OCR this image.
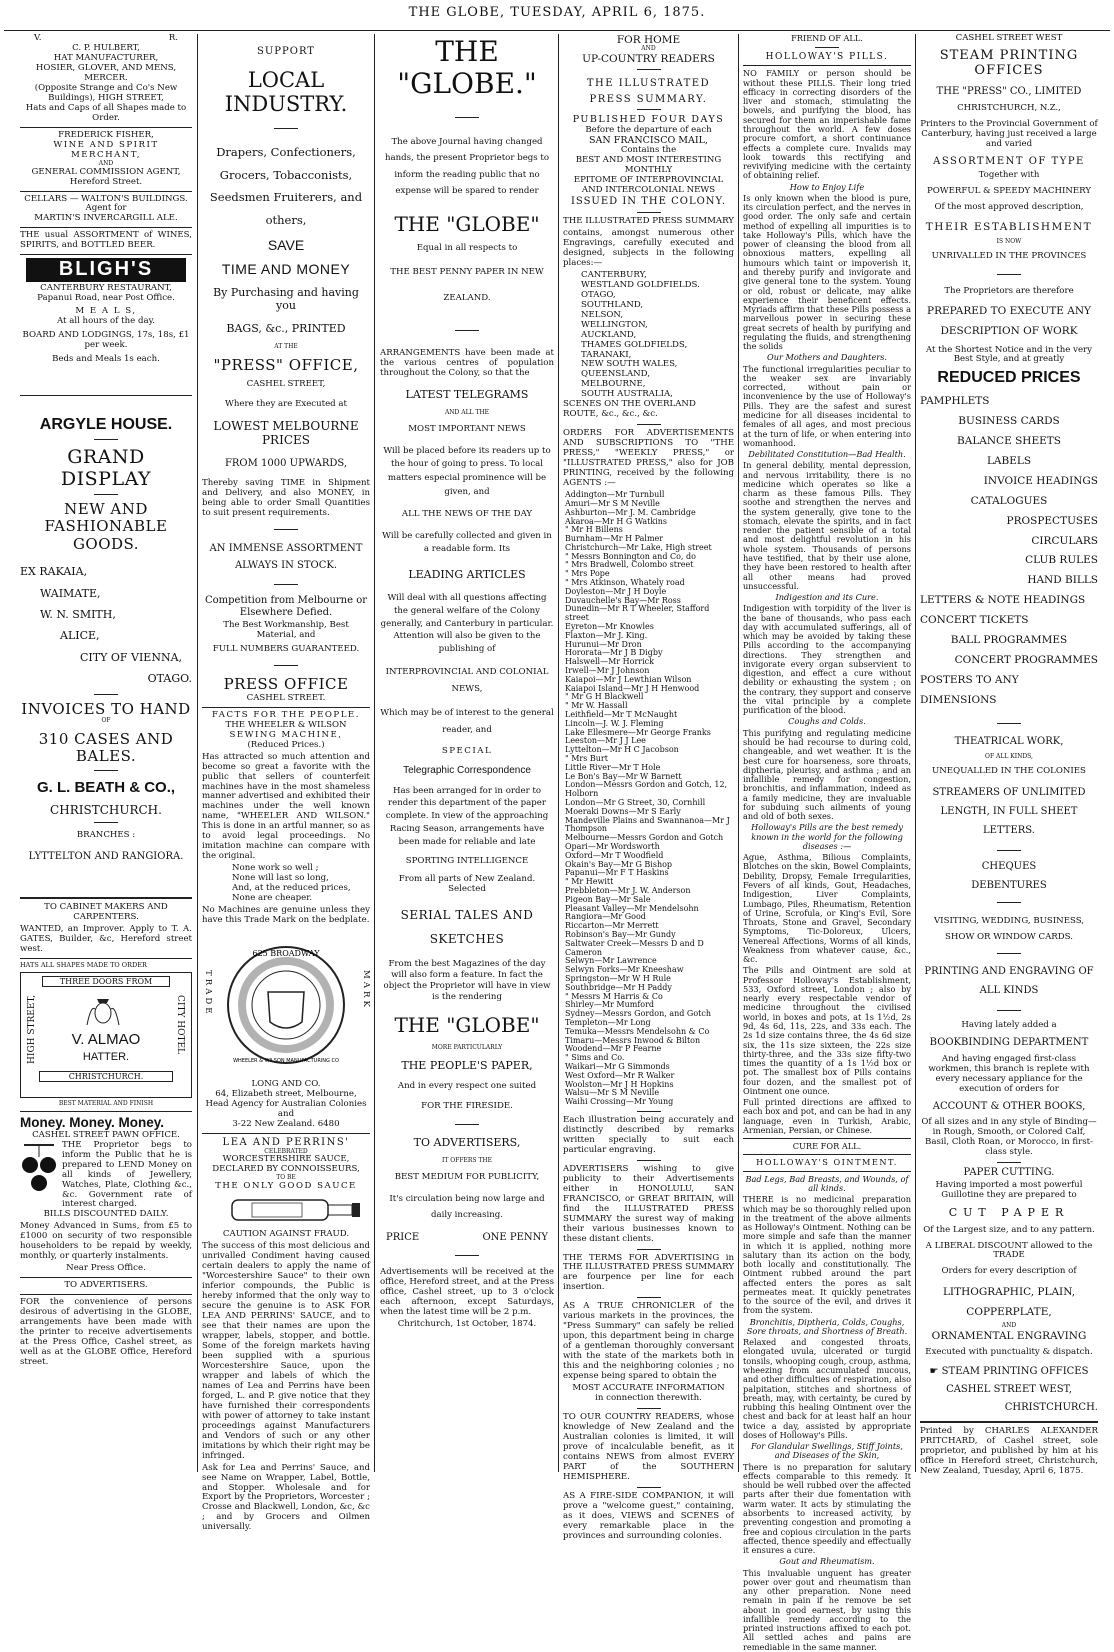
THE GLOBE, TUESDAY, APRIL 6, 1875.
V.	R.
C. P. HULBERT,
HAT MANUFACTURER,
HOSIER, GLOVER, AND MENS, MERCER.
(Opposite Strange and Co's New Buildings), HIGH STREET,
Hats and Caps of all Shapes made to Order.
FREDERICK FISHER,
WINE AND SPIRIT MERCHANT,
AND
GENERAL COMMISSION AGENT,
Hereford Street.
CELLARS — WALTON'S BUILDINGS.
Agent for
MARTIN'S INVERCARGILL ALE.

THE usual ASSORTMENT of WINES, SPIRITS, and BOTTLED BEER.

BLIGH'S
CANTERBURY RESTAURANT,
Papanui Road, near Post Office.
M E A L S,
At all hours of the day.
BOARD AND LODGINGS, 17s, 18s, £1 per week.
Beds and Meals 1s each.
ARGYLE HOUSE.
GRAND DISPLAY
NEW AND FASHIONABLE GOODS.
EX RAKAIA,
WAIMATE,
W. N. SMITH,
ALICE,
CITY OF VIENNA,
OTAGO.
INVOICES TO HAND
OF
310 CASES AND BALES.
G. L. BEATH & CO.,
CHRISTCHURCH.
BRANCHES :
LYTTELTON AND RANGIORA.
TO CABINET MAKERS AND CARPENTERS.

WANTED, an Improver. Apply to T. A. GATES, Builder, &c, Hereford street west.

HATS ALL SHAPES MADE TO ORDER
THREE DOORS FROM
HIGH STREET,	CITY HOTEL
V. ALMAO
HATTER.
CHRISTCHURCH.
BEST MATERIAL AND FINISH
Money. Money. Money.
CASHEL STREET PAWN OFFICE.

THE Proprietor begs to inform the Public that he is prepared to LEND Money on all kinds of Jewellery, Watches, Plate, Clothing &c., &c. Government rate of interest charged.

BILLS DISCOUNTED DAILY.

Money Advanced in Sums, from £5 to £1000 on security of two responsible householders to be repaid by weekly, monthly, or quarterly instalments.

Near Press Office.
TO ADVERTISERS.

FOR the convenience of persons desirous of advertising in the GLOBE, arrangements have been made with the printer to receive advertisements at the Press Office, Cashel street, as well as at the GLOBE Office, Hereford street.

SUPPORT
LOCAL INDUSTRY.
Drapers, Confectioners, Grocers, Tobacconists, Seedsmen Fruiterers, and others,
SAVE
TIME AND MONEY
By Purchasing and having you
BAGS, &c., PRINTED
AT THE
"PRESS" OFFICE,
CASHEL STREET,
Where they are Executed at
LOWEST MELBOURNE PRICES
FROM 1000 UPWARDS,

Thereby saving TIME in Shipment and Delivery, and also MONEY, in being able to order Small Quantities to suit present requirements.

AN IMMENSE ASSORTMENT ALWAYS IN STOCK.
Competition from Melbourne or Elsewhere Defied.
The Best Workmanship, Best Material, and
FULL NUMBERS GUARANTEED.
PRESS OFFICE
CASHEL STREET.
FACTS FOR THE PEOPLE.
THE WHEELER & WILSON
SEWING MACHINE,
(Reduced Prices.)

Has attracted so much attention and become so great a favorite with the public that sellers of counterfeit machines have in the most shameless manner advertised and exhibited their machines under the well known name, "WHEELER AND WILSON." This is done in an artful manner, so as to avoid legal proceedings. No imitation machine can compare with the original.

None work so well ;
None will last so long,
And, at the reduced prices,
None are cheaper.

No Machines are genuine unless they have this Trade Mark on the bedplate.

TRADE	MARK
625 BROADWAY
WHEELER & WILSON MANUFACTURING CO
LONG AND CO.
64, Elizabeth street, Melbourne,
Head Agency for Australian Colonies and
3-22 New Zealand. 6480
LEA AND PERRINS'
CELEBRATED
WORCESTERSHIRE SAUCE,
DECLARED BY CONNOISSEURS,
TO BE
THE ONLY GOOD SAUCE
CAUTION AGAINST FRAUD.

The success of this most delicious and unrivalled Condiment having caused certain dealers to apply the name of "Worcestershire Sauce" to their own inferior compounds, the Public is hereby informed that the only way to secure the genuine is to ASK FOR LEA AND PERRINS' SAUCE, and to see that their names are upon the wrapper, labels, stopper, and bottle. Some of the foreign markets having been supplied with a spurious Worcestershire Sauce, upon the wrapper and labels of which the names of Lea and Perrins have been forged, L. and P. give notice that they have furnished their correspondents with power of attorney to take instant proceedings against Manufacturers and Vendors of such or any other imitations by which their right may be infringed.

Ask for Lea and Perrins' Sauce, and see Name on Wrapper, Label, Bottle, and Stopper. Wholesale and for Export by the Proprietors, Worcester ; Crosse and Blackwell, London, &c, &c ; and by Grocers and Oilmen universally.

THE "GLOBE."

The above Journal having changed hands, the present Proprietor begs to inform the reading public that no expense will be spared to render

THE "GLOBE"
Equal in all respects to
THE BEST PENNY PAPER IN NEW ZEALAND.

ARRANGEMENTS have been made at the various centres of population throughout the Colony, so that the

LATEST TELEGRAMS
AND ALL THE
MOST IMPORTANT NEWS

Will be placed before its readers up to the hour of going to press. To local matters especial prominence will be given, and

ALL THE NEWS OF THE DAY

Will be carefully collected and given in a readable form. Its

LEADING ARTICLES

Will deal with all questions affecting the general welfare of the Colony generally, and Canterbury in particular. Attention will also be given to the publishing of

INTERPROVINCIAL AND COLONIAL NEWS,

Which may be of interest to the general reader, and

SPECIAL
Telegraphic Correspondence

Has been arranged for in order to render this department of the paper complete. In view of the approaching Racing Season, arrangements have been made for reliable and late

SPORTING INTELLIGENCE
From all parts of New Zealand. Selected
SERIAL TALES AND SKETCHES

From the best Magazines of the day will also form a feature. In fact the object the Proprietor will have in view is the rendering

THE "GLOBE"
MORE PARTICULARLY
THE PEOPLE'S PAPER,
And in every respect one suited
FOR THE FIRESIDE.
TO ADVERTISERS,
IT OFFERS THE
BEST MEDIUM FOR PUBLICITY,

It's circulation being now large and daily increasing.

PRICE	ONE PENNY

Advertisements will be received at the office, Hereford street, and at the Press office, Cashel street, up to 3 o'clock each afternoon, except Saturdays, when the latest time will be 2 p.m.

Chritchurch, 1st October, 1874.
FOR HOME
AND
UP-COUNTRY READERS
THE ILLUSTRATED
PRESS SUMMARY.
PUBLISHED FOUR DAYS
Before the departure of each
SAN FRANCISCO MAIL,
Contains the
BEST AND MOST INTERESTING
MONTHLY
EPITOME OF INTERPROVINCIAL AND INTERCOLONIAL NEWS
ISSUED IN THE COLONY.
THE ILLUSTRATED PRESS SUMMARY

contains, amongst numerous other Engravings, carefully executed and designed, subjects in the following places:—

CANTERBURY,
WESTLAND GOLDFIELDS.
OTAGO,
SOUTHLAND,
NELSON,
WELLINGTON,
AUCKLAND,
THAMES GOLDFIELDS,
TARANAKI,
NEW SOUTH WALES,
QUEENSLAND,
MELBOURNE,
SOUTH AUSTRALIA,
SCENES ON THE OVERLAND ROUTE, &c., &c., &c.

ORDERS FOR ADVERTISEMENTS AND SUBSCRIPTIONS TO "THE PRESS," "WEEKLY PRESS," or "ILLUSTRATED PRESS," also for JOB PRINTING, received by the following AGENTS :—

Addington—Mr Turnbull
Amuri—Mr S M Neville
Ashburton—Mr J. M. Cambridge
Akaroa—Mr H G Watkins
" Mr H Billens
Burnham—Mr H Palmer
Christchurch—Mr Lake, High street
" Messrs Bonnington and Co, do
" Mrs Bradwell, Colombo street
" Mrs Pope
" Mrs Atkinson, Whately road
Doyleston—Mr J H Doyle
Duvauchelle's Bay—Mr Ross
Dunedin—Mr R T Wheeler, Stafford street
Eyreton—Mr Knowles
Flaxton—Mr J. King.
Hurunui—Mr Dron
Hororata—Mr J B Digby
Halswell—Mr Horrick
Irwell—Mr J Johnson
Kaiapoi—Mr J Lewthian Wilson
Kaiapoi Island—Mr J H Henwood
" Mr G H Blackwell
" Mr W. Hassall
Leithfield—Mr T McNaught
Lincoln—J. W. J. Fleming
Lake Ellesmere—Mr George Franks
Leeston—Mr J J Lee
Lyttelton—Mr H C Jacobson
" Mrs Burt
Little River—Mr T Hole
Le Bon's Bay—Mr W Barnett
London—Messrs Gordon and Gotch, 12, Holborn
London—Mr G Street, 30, Cornhill
Moeraki Downs—Mr S Early
Mandeville Plains and Swannanoa—Mr J Thompson
Melbourne—Messrs Gordon and Gotch
Opari—Mr Wordsworth
Oxford—Mr T Woodfield
Okain's Bay—Mr G Bishop
Papanui—Mr F T Haskins
" Mr Hewitt
Prebbleton—Mr J. W. Anderson
Pigeon Bay—Mr Sale
Pleasant Valley—Mr Mendelsohn
Rangiora—Mr Good
Riccarton—Mr Merrett
Robinson's Bay—Mr Gundy
Saltwater Creek—Messrs D and D Cameron
Selwyn—Mr Lawrence
Selwyn Forks—Mr Kneeshaw
Springston—Mr W H Rule
Southbridge—Mr H Paddy
" Messrs M Harris & Co
Shirley—Mr Mumford
Sydney—Messrs Gordon, and Gotch
Templeton—Mr Long
Temuka—Messrs Mendelsohn & Co
Timaru—Messrs Inwood & Bilton
Woodend—Mr P Fearne
" Sims and Co.
Waikari—Mr G Simmonds
West Oxford—Mr R Walker
Woolston—Mr J H Hopkins
Walsu—Mr S M Neville
Waihi Crossing—Mr Young

Each illustration being accurately and distinctly described by remarks written specially to suit each particular engraving.

ADVERTISERS wishing to give publicity to their Advertisements either in HONOLULU, SAN FRANCISCO, or GREAT BRITAIN, will find the ILLUSTRATED PRESS SUMMARY the surest way of making their various businesses known to these distant clients.

THE TERMS FOR ADVERTISING in THE ILLUSTRATED PRESS SUMMARY are fourpence per line for each insertion.

AS A TRUE CHRONICLER of the various markets in the provinces, the "Press Summary" can safely be relied upon, this department being in charge of a gentleman thoroughly conversant with the state of the markets both in this and the neighboring colonies ; no expense being spared to obtain the

MOST ACCURATE INFORMATION
in connection therewith.

TO OUR COUNTRY READERS, whose knowledge of New Zealand and the Australian colonies is limited, it will prove of incalculable benefit, as it contains NEWS from almost EVERY PART of the SOUTHERN HEMISPHERE.

AS A FIRE-SIDE COMPANION, it will prove a "welcome guest," containing, as it does, VIEWS and SCENES of every remarkable place in the provinces and surrounding colonies.

FRIEND OF ALL.
HOLLOWAY'S PILLS.

NO FAMILY or person should be without these PILLS. Their long tried efficacy in correcting disorders of the liver and stomach, stimulating the bowels, and purifying the blood, has secured for them an imperishable fame throughout the world. A few doses procure comfort, a short continuance effects a complete cure. Invalids may look towards this rectifying and revivifying medicine with the certainty of obtaining relief.

How to Enjoy Life

Is only known when the blood is pure, its circulation perfect, and the nerves in good order. The only safe and certain method of expelling all impurities is to take Holloway's Pills, which have the power of cleansing the blood from all obnoxious matters, expelling all humours which taint or impoverish it, and thereby purify and invigorate and give general tone to the system. Young or old, robust or delicate, may alike experience their beneficent effects. Myriads affirm that these Pills possess a marvellous power in securing these great secrets of health by purifying and regulating the fluids, and strengthening the solids

Our Mothers and Daughters.

The functional irregularities peculiar to the weaker sex are invariably corrected, without pain or inconvenience by the use of Holloway's Pills. They are the safest and surest medicine for all diseases incidental to females of all ages, and most precious at the turn of life, or when entering into womanhood.

Debilitated Constitution—Bad Health.

In general debility, mental depression, and nervous irritability, there is no medicine which operates so like a charm as these famous Pills. They soothe and strengthen the nerves and the system generally, give tone to the stomach, elevate the spirits, and in fact render the patient sensible of a total and most delightful revolution in his whole system. Thousands of persons have testified, that by their use alone, they have been restored to health after all other means had proved unsuccessful.

Indigestion and its Cure.

Indigestion with torpidity of the liver is the bane of thousands, who pass each day with accumulated sufferings, all of which may be avoided by taking these Pills according to the accompanying directions. They strengthen and invigorate every organ subservient to digestion, and effect a cure without debility or exhausting the system ; on the contrary, they support and conserve the vital principle by a complete purification of the blood.

Coughs and Colds.

This purifying and regulating medicine should be had recourse to during cold, changeable, and wet weather. It is the best cure for hoarseness, sore throats, diptheria, pleurisy, and asthma ; and an infallible remedy for congestion, bronchitis, and inflammation, indeed as a family medicine, they are invaluable for subduing such ailments of young and old of both sexes.

Holloway's Pills are the best remedy known in the world for the following diseases :—

Ague, Asthma, Bilious Complaints, Blotches on the skin, Bowel Complaints, Debility, Dropsy, Female Irregularities, Fevers of all kinds, Gout, Headaches, Indigestion, Liver Complaints, Lumbago, Piles, Rheumatism, Retention of Urine, Scrofula, or King's Evil, Sore Throats, Stone and Gravel, Secondary Symptoms, Tic-Doloreux, Ulcers, Venereal Affections, Worms of all kinds, Weakness from whatever cause, &c., &c.

The Pills and Ointment are sold at Professor Holloway's Establishment, 533, Oxford street, London ; also by nearly every respectable vendor of medicine throughout the civilised world, in boxes and pots, at 1s 1½d, 2s 9d, 4s 6d, 11s, 22s, and 33s each. The 2s 1d size contains three, the 4s 6d size six, the 11s size sixteen, the 22s size thirty-three, and the 33s size fifty-two times the quantity of a 1s 1½d box or pot. The smallest box of Pills contains four dozen, and the smallest pot of Ointment one ounce.

Full printed directions are affixed to each box and pot, and can be had in any language, even in Turkish, Arabic, Armenian, Persian, or Chinese.

CURE FOR ALL.
HOLLOWAY'S OINTMENT.
Bad Legs, Bad Breasts, and Wounds, of all kinds.

THERE is no medicinal preparation which may be so thoroughly relied upon in the treatment of the above ailments as Holloway's Ointment. Nothing can be more simple and safe than the manner in which it is applied, nothing more salutary than its action on the body, both locally and constitutionally. The Ointment rubbed around the part affected enters the pores as salt permeates meat. It quickly penetrates to the source of the evil, and drives it from the system.

Bronchitis, Diptheria, Colds, Coughs, Sore throats, and Shortness of Breath.

Relaxed and congested throats, elongated uvula, ulcerated or turgid tonsils, whooping cough, croup, asthma, wheezing from accumulated mucous, and other difficulties of respiration, also palpitation, stitches and shortness of breath, may, with certainty, be cured by rubbing this healing Ointment over the chest and back for at least half an hour twice a day, assisted by appropriate doses of Holloway's Pills.

For Glandular Swellings, Stiff Joints, and Diseases of the Skin,

There is no preparation for salutary effects comparable to this remedy. It should be well rubbed over the affected parts after their due fomentation with warm water. It acts by stimulating the absorbents to increased activity, by preventing congestion and promoting a free and copious circulation in the parts affected, thence speedily and effectually it ensures a cure.

Gout and Rheumatism.

This invaluable unguent has greater power over gout and rheumatism than any other preparation. None need remain in pain if he remove be set about in good earnest, by using this infallible remedy according to the printed instructions affixed to each pot. All settled aches and pains are remediable in the same manner.

CASHEL STREET WEST
STEAM PRINTING OFFICES
THE "PRESS" CO., LIMITED
CHRISTCHURCH, N.Z.,

Printers to the Provincial Government of Canterbury, having just received a large and varied

ASSORTMENT OF TYPE
Together with
POWERFUL & SPEEDY MACHINERY
Of the most approved description,
THEIR ESTABLISHMENT
IS NOW
UNRIVALLED IN THE PROVINCES
The Proprietors are therefore
PREPARED TO EXECUTE ANY
DESCRIPTION OF WORK

At the Shortest Notice and in the very Best Style, and at greatly

REDUCED PRICES
PAMPHLETS
BUSINESS CARDS
BALANCE SHEETS
LABELS
INVOICE HEADINGS
CATALOGUES
PROSPECTUSES
CIRCULARS
CLUB RULES
HAND BILLS
LETTERS & NOTE HEADINGS
CONCERT TICKETS
BALL PROGRAMMES
CONCERT PROGRAMMES
POSTERS TO ANY DIMENSIONS
THEATRICAL WORK,
OF ALL KINDS,
UNEQUALLED IN THE COLONIES
STREAMERS OF UNLIMITED LENGTH, IN FULL SHEET LETTERS.
CHEQUES
DEBENTURES
VISITING, WEDDING, BUSINESS, SHOW OR WINDOW CARDS.
PRINTING AND ENGRAVING OF ALL KINDS
Having lately added a
BOOKBINDING DEPARTMENT

And having engaged first-class workmen, this branch is replete with every necessary appliance for the execution of orders for

ACCOUNT & OTHER BOOKS,

Of all sizes and in any style of Binding—in Rough, Smooth, or Colored Calf, Basil, Cloth Roan, or Morocco, in first-class style.

PAPER CUTTING.

Having imported a most powerful Guillotine they are prepared to

CUT PAPER
Of the Largest size, and to any pattern.
A LIBERAL DISCOUNT allowed to the TRADE
Orders for every description of
LITHOGRAPHIC, PLAIN, COPPERPLATE,
AND
ORNAMENTAL ENGRAVING
Executed with punctuality & dispatch.
☛ STEAM PRINTING OFFICES
CASHEL STREET WEST,
CHRISTCHURCH.

Printed by CHARLES ALEXANDER PRITCHARD, of Cashel street, sole proprietor, and published by him at his office in Hereford street, Christchurch, New Zealand, Tuesday, April 6, 1875.
